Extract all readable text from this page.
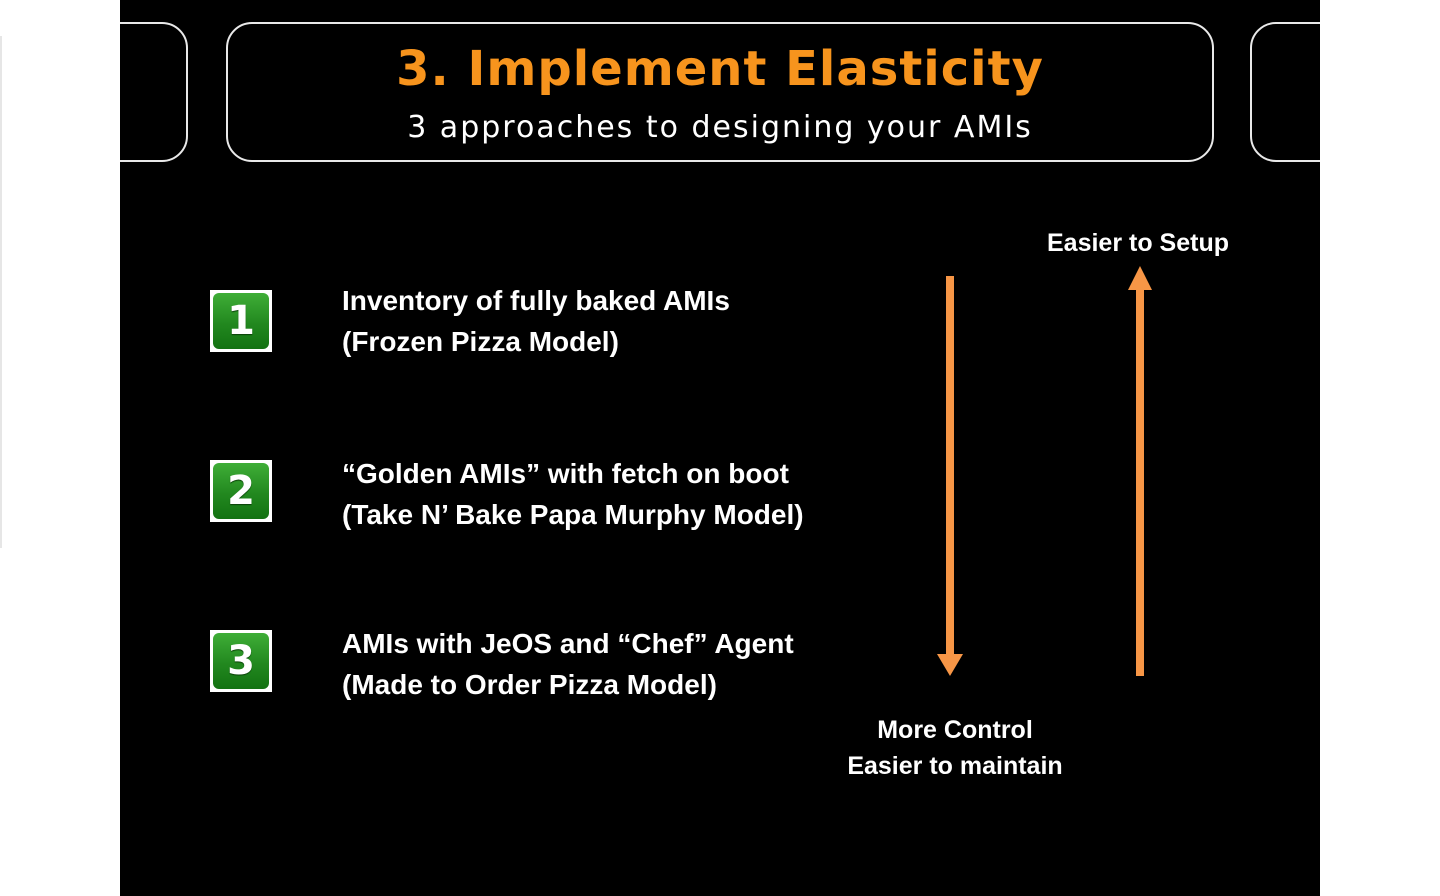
3. Implement Elasticity
3 approaches to designing your AMIs
1	Inventory of fully baked AMIs
(Frozen Pizza Model)
2	“Golden AMIs” with fetch on boot
(Take N’ Bake Papa Murphy Model)
3	AMIs with JeOS and “Chef” Agent
(Made to Order Pizza Model)
Easier to Setup
More Control
Easier to maintain
